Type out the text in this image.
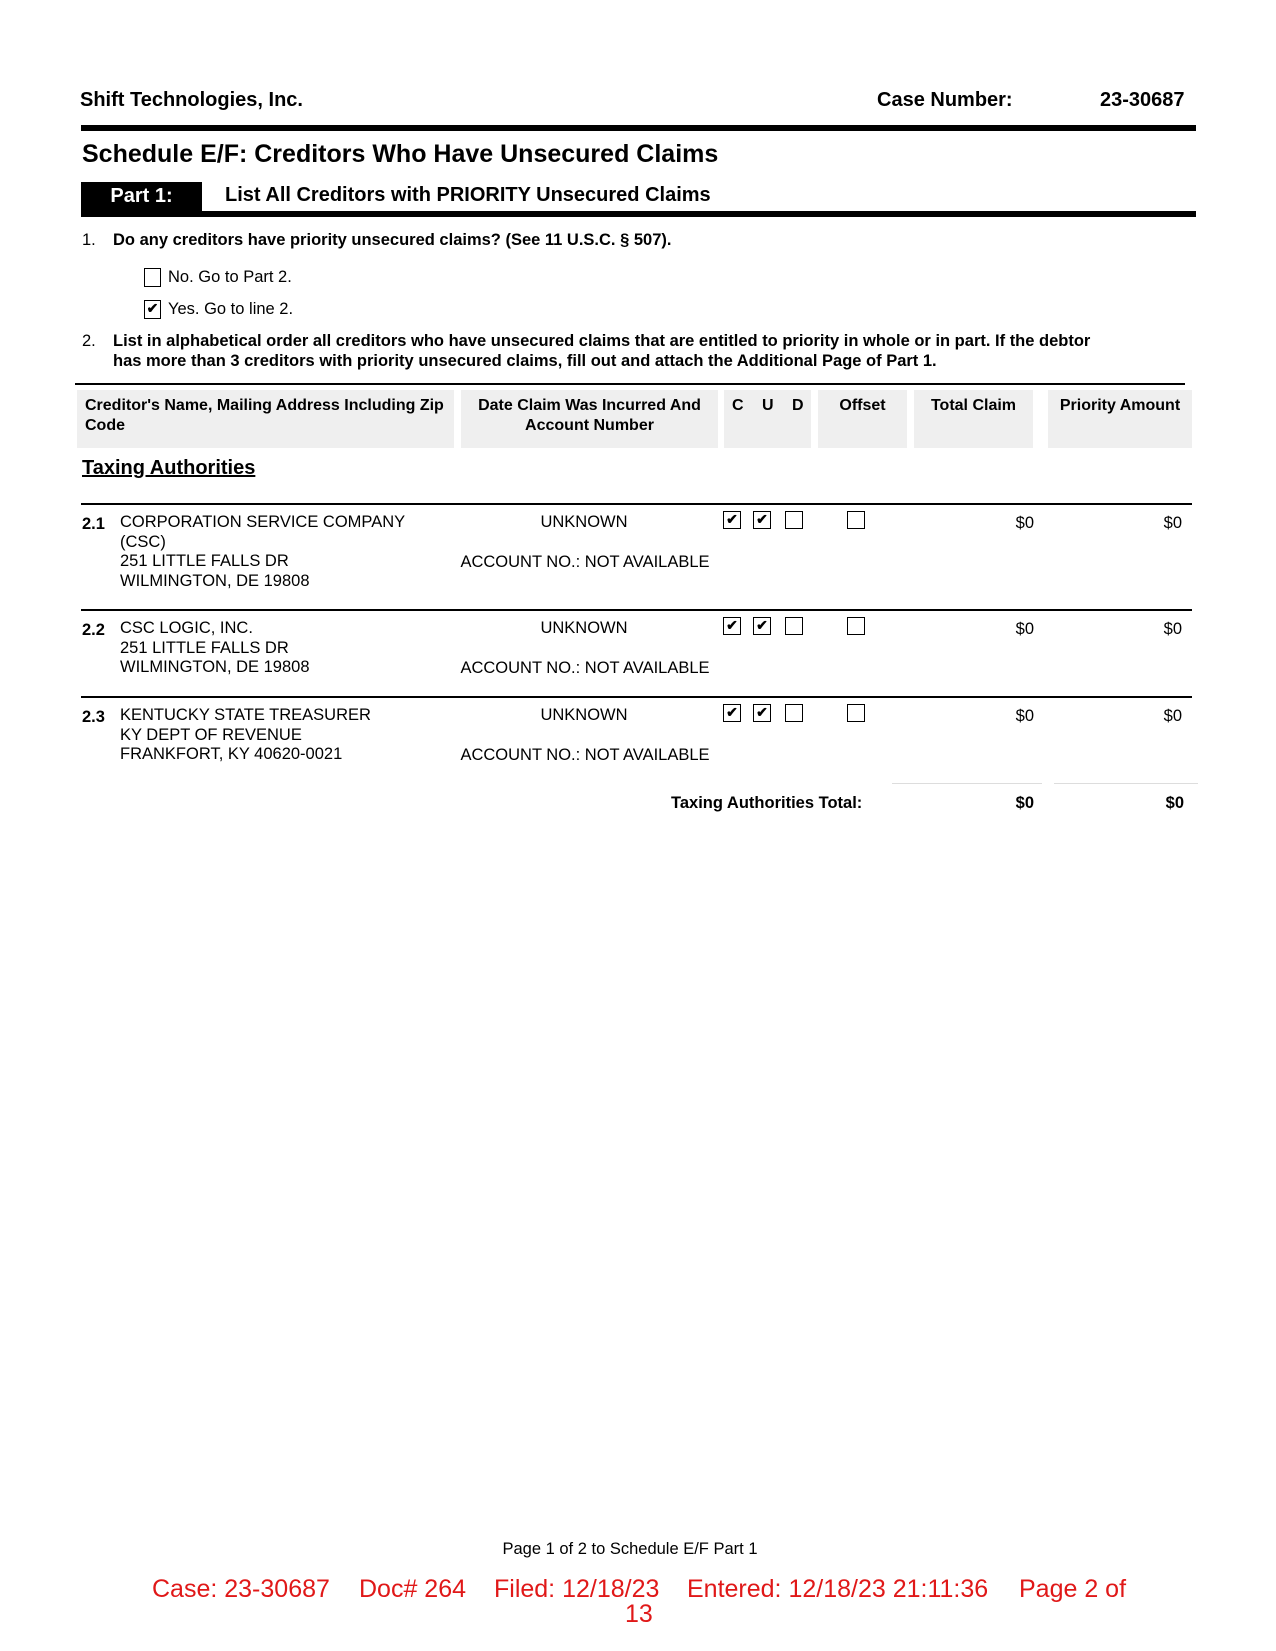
Shift Technologies, Inc.	Case Number:	23-30687
Schedule E/F: Creditors Who Have Unsecured Claims
Part 1:	List All Creditors with PRIORITY Unsecured Claims
1. Do any creditors have priority unsecured claims? (See 11 U.S.C. § 507).
No. Go to Part 2.
✔ Yes. Go to line 2.
2. List in alphabetical order all creditors who have unsecured claims that are entitled to priority in whole or in part. If the debtor
has more than 3 creditors with priority unsecured claims, fill out and attach the Additional Page of Part 1.
Creditor's Name, Mailing Address Including Zip Code
Date Claim Was Incurred And Account Number
C U D	Offset	Total Claim	Priority Amount
Taxing Authorities
2.1 CORPORATION SERVICE COMPANY
(CSC)
251 LITTLE FALLS DR
WILMINGTON, DE 19808
UNKNOWN
ACCOUNT NO.: NOT AVAILABLE
✔ ✔	$0	$0
2.2 CSC LOGIC, INC.
251 LITTLE FALLS DR
WILMINGTON, DE 19808
UNKNOWN
ACCOUNT NO.: NOT AVAILABLE
✔ ✔	$0	$0
2.3 KENTUCKY STATE TREASURER
KY DEPT OF REVENUE
FRANKFORT, KY 40620-0021
UNKNOWN
ACCOUNT NO.: NOT AVAILABLE
✔ ✔	$0	$0
Taxing Authorities Total:	$0	$0
Page 1 of 2 to Schedule E/F Part 1
Case: 23-30687 Doc# 264 Filed: 12/18/23 Entered: 12/18/23 21:11:36 Page 2 of
13
